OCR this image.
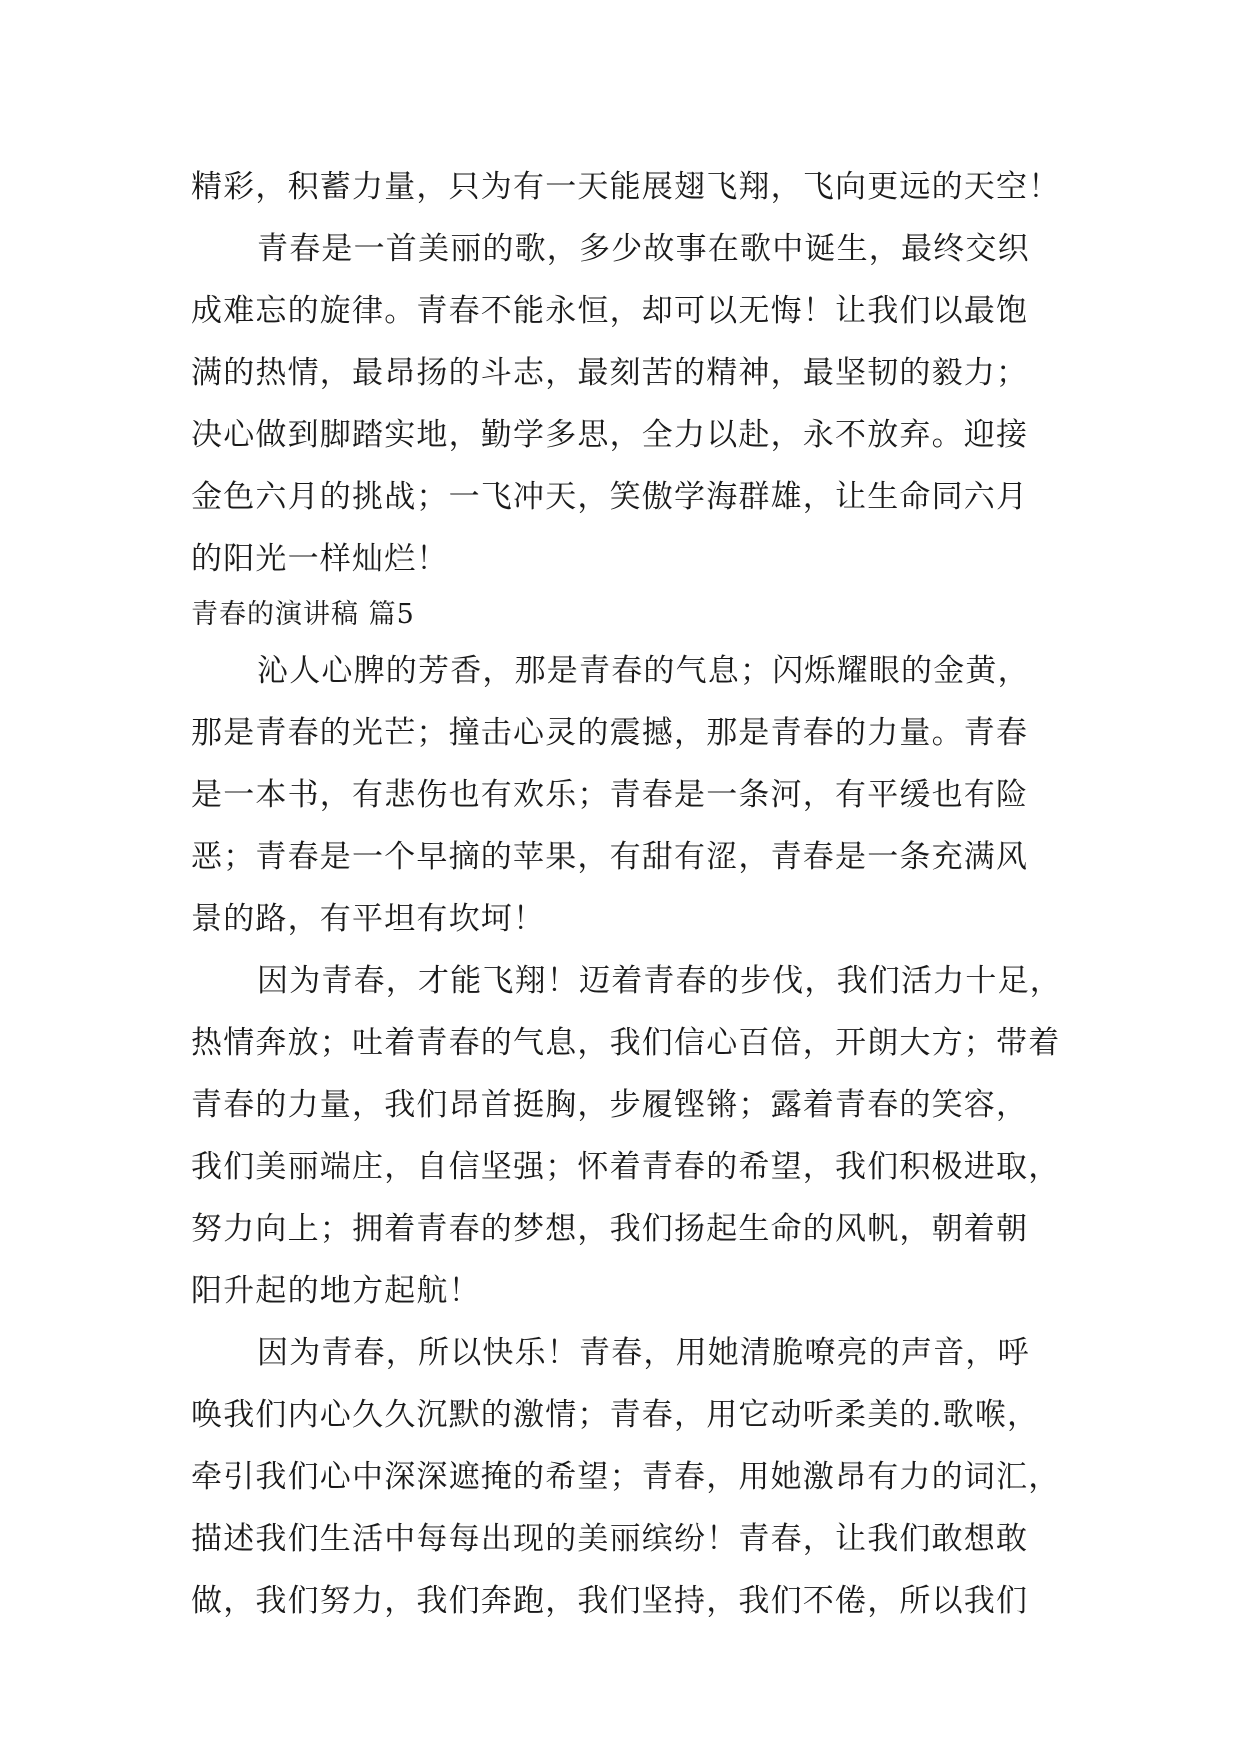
精彩，积蓄力量，只为有一天能展翅飞翔，飞向更远的天空！
青春是一首美丽的歌，多少故事在歌中诞生，最终交织
成难忘的旋律。青春不能永恒，却可以无悔！让我们以最饱
满的热情，最昂扬的斗志，最刻苦的精神，最坚韧的毅力；
决心做到脚踏实地，勤学多思，全力以赴，永不放弃。迎接
金色六月的挑战；一飞冲天，笑傲学海群雄，让生命同六月
的阳光一样灿烂！
青春的演讲稿 篇5
沁人心脾的芳香，那是青春的气息；闪烁耀眼的金黄，
那是青春的光芒；撞击心灵的震撼，那是青春的力量。青春
是一本书，有悲伤也有欢乐；青春是一条河，有平缓也有险
恶；青春是一个早摘的苹果，有甜有涩，青春是一条充满风
景的路，有平坦有坎坷！
因为青春，才能飞翔！迈着青春的步伐，我们活力十足，
热情奔放；吐着青春的气息，我们信心百倍，开朗大方；带着
青春的力量，我们昂首挺胸，步履铿锵；露着青春的笑容，
我们美丽端庄，自信坚强；怀着青春的希望，我们积极进取，
努力向上；拥着青春的梦想，我们扬起生命的风帆，朝着朝
阳升起的地方起航！
因为青春，所以快乐！青春，用她清脆嘹亮的声音，呼
唤我们内心久久沉默的激情；青春，用它动听柔美的.歌喉，
牵引我们心中深深遮掩的希望；青春，用她激昂有力的词汇，
描述我们生活中每每出现的美丽缤纷！青春，让我们敢想敢
做，我们努力，我们奔跑，我们坚持，我们不倦，所以我们
